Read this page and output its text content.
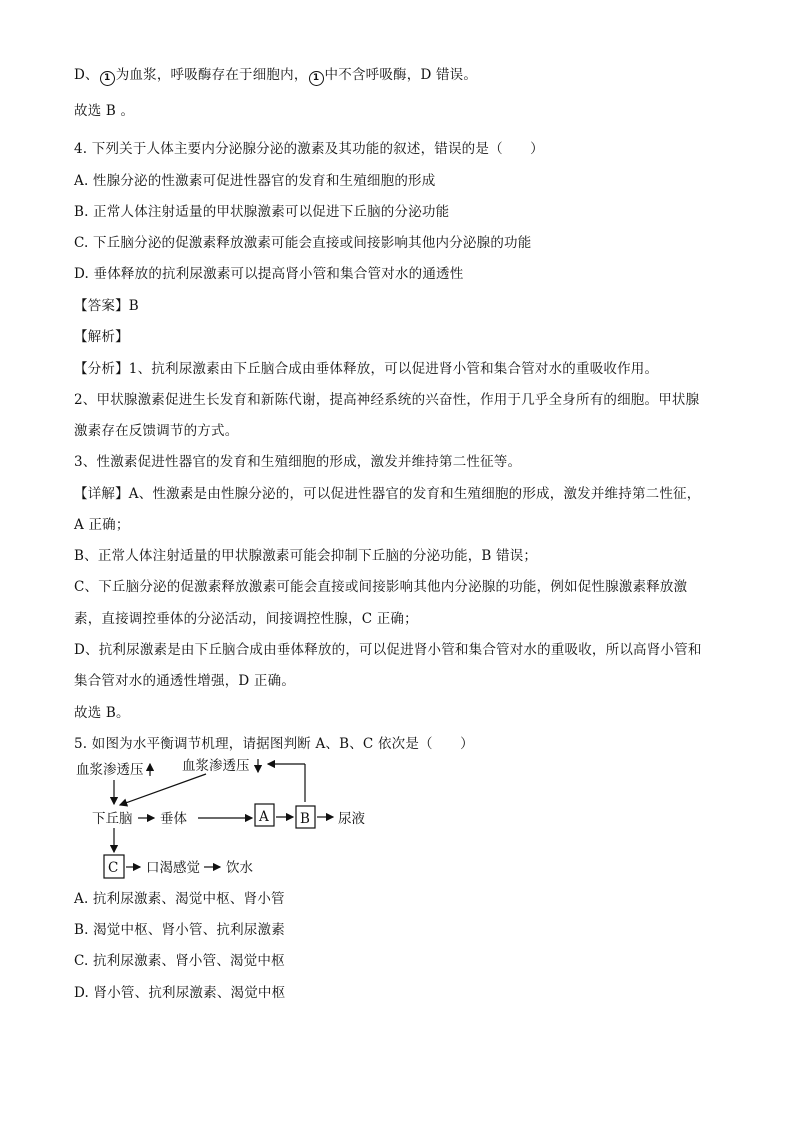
D、 1 为血浆，呼吸酶存在于细胞内， 1 中不含呼吸酶，D 错误。
故选 B 。
4. 下列关于人体主要内分泌腺分泌的激素及其功能的叙述，错误的是（　　）
A. 性腺分泌的性激素可促进性器官的发育和生殖细胞的形成
B. 正常人体注射适量的甲状腺激素可以促进下丘脑的分泌功能
C. 下丘脑分泌的促激素释放激素可能会直接或间接影响其他内分泌腺的功能
D. 垂体释放的抗利尿激素可以提高肾小管和集合管对水的通透性
【答案】B
【解析】
【分析】1、抗利尿激素由下丘脑合成由垂体释放，可以促进肾小管和集合管对水的重吸收作用。
2、甲状腺激素促进生长发育和新陈代谢，提高神经系统的兴奋性，作用于几乎全身所有的细胞。甲状腺
激素存在反馈调节的方式。
3、性激素促进性器官的发育和生殖细胞的形成，激发并维持第二性征等。
【详解】A、性激素是由性腺分泌的，可以促进性器官的发育和生殖细胞的形成，激发并维持第二性征，
A 正确；
B、正常人体注射适量的甲状腺激素可能会抑制下丘脑的分泌功能，B 错误；
C、下丘脑分泌的促激素释放激素可能会直接或间接影响其他内分泌腺的功能，例如促性腺激素释放激
素，直接调控垂体的分泌活动，间接调控性腺，C 正确；
D、抗利尿激素是由下丘脑合成由垂体释放的，可以促进肾小管和集合管对水的重吸收，所以高肾小管和
集合管对水的通透性增强，D 正确。
故选 B。
5. 如图为水平衡调节机理，请据图判断 A、B、C 依次是（　　）
血浆渗透压	血浆渗透压
下丘脑 垂体	A B 尿液
C 口渴感觉 饮水
A. 抗利尿激素、渴觉中枢、肾小管
B. 渴觉中枢、肾小管、抗利尿激素
C. 抗利尿激素、肾小管、渴觉中枢
D. 肾小管、抗利尿激素、渴觉中枢
